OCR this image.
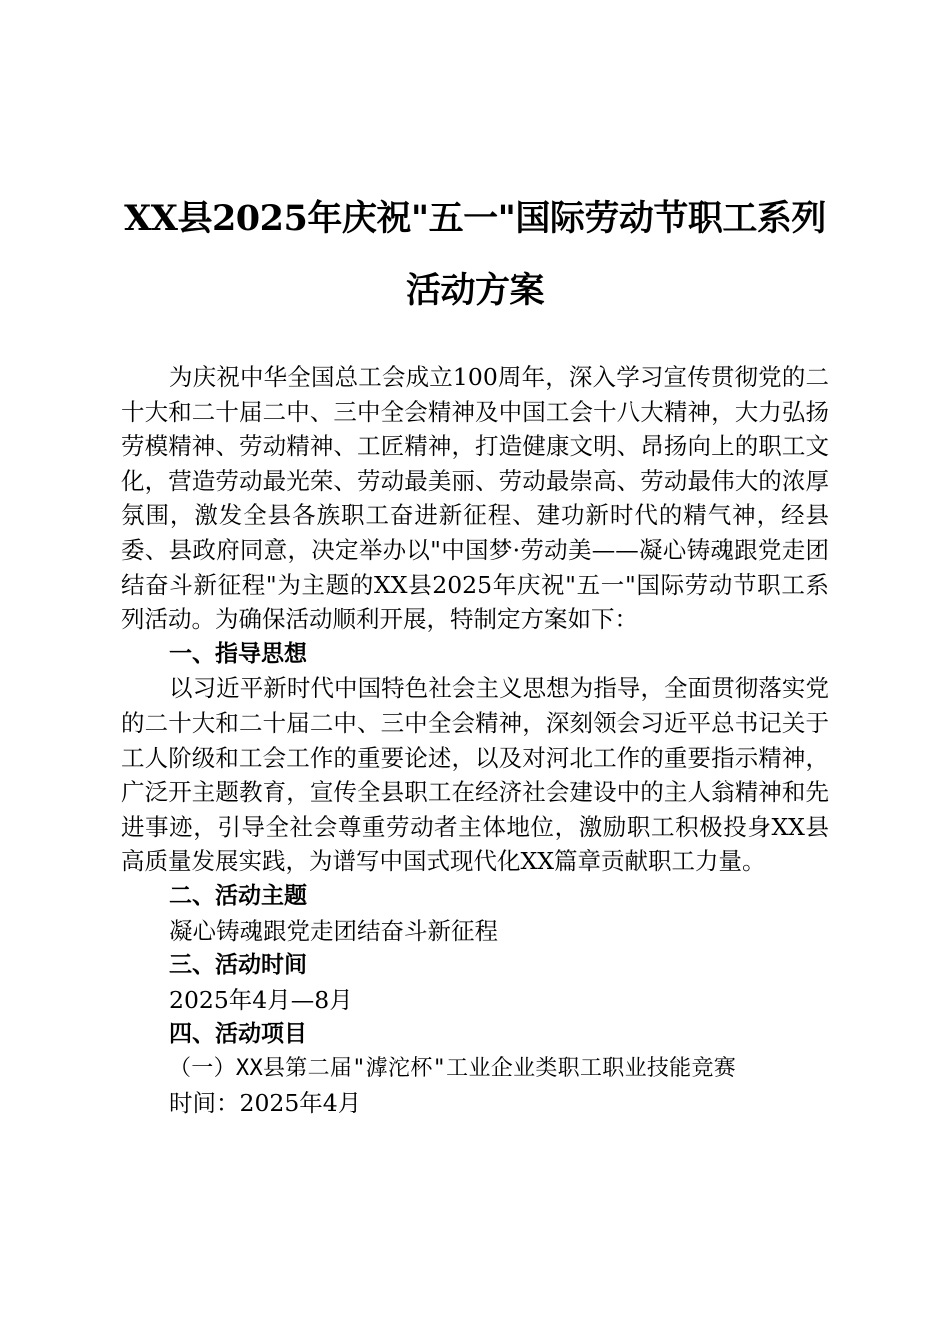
XX县2025年庆祝"五一"国际劳动节职工系列
活动方案

为庆祝中华全国总工会成立100周年，深入学习宣传贯彻党的二十大和二十届二中、三中全会精神及中国工会十八大精神，大力弘扬劳模精神、劳动精神、工匠精神，打造健康文明、昂扬向上的职工文化，营造劳动最光荣、劳动最美丽、劳动最崇高、劳动最伟大的浓厚氛围，激发全县各族职工奋进新征程、建功新时代的精气神，经县委、县政府同意，决定举办以"中国梦·劳动美——凝心铸魂跟党走团结奋斗新征程"为主题的XX县2025年庆祝"五一"国际劳动节职工系列活动。为确保活动顺利开展，特制定方案如下：

一、指导思想

以习近平新时代中国特色社会主义思想为指导，全面贯彻落实党的二十大和二十届二中、三中全会精神，深刻领会习近平总书记关于工人阶级和工会工作的重要论述，以及对河北工作的重要指示精神，广泛开主题教育，宣传全县职工在经济社会建设中的主人翁精神和先进事迹，引导全社会尊重劳动者主体地位，激励职工积极投身XX县高质量发展实践，为谱写中国式现代化XX篇章贡献职工力量。

二、活动主题

凝心铸魂跟党走团结奋斗新征程

三、活动时间

2025年4月—8月

四、活动项目

（一）XX县第二届"滹沱杯"工业企业类职工职业技能竞赛

时间：2025年4月
